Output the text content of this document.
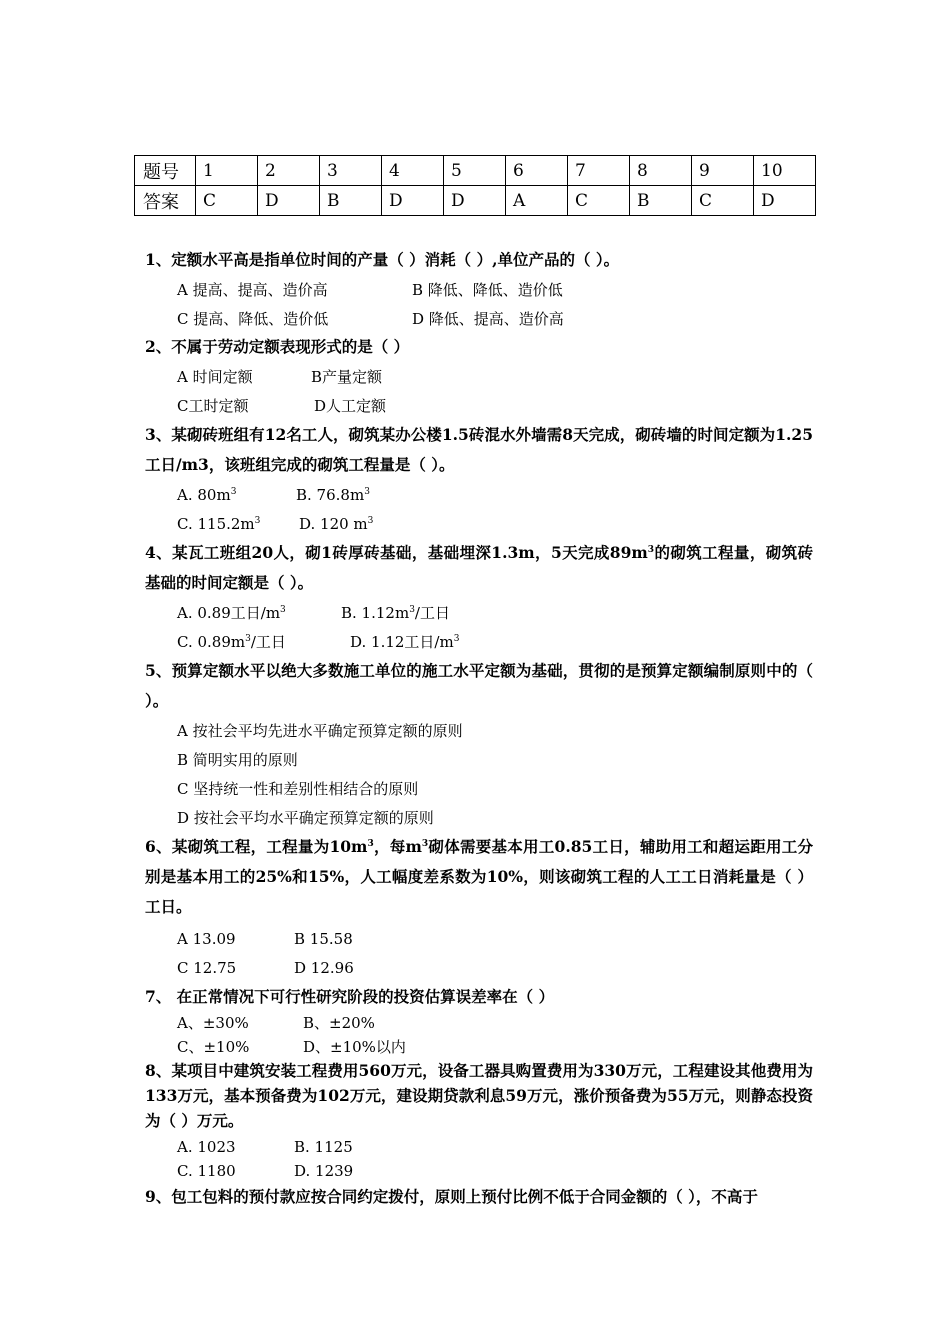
题号	1	2	3	4	5	6	7	8	9	10
答案	C	D	B	D	D	A	C	B	C	D
1、定额水平高是指单位时间的产量（ ）消耗（ ）,单位产品的（ ）。
A 提高、提高、造价高	B 降低、降低、造价低
C 提高、降低、造价低	D 降低、提高、造价高
2、不属于劳动定额表现形式的是（ ）
A 时间定额	B产量定额
C工时定额	D人工定额
3、某砌砖班组有12名工人，砌筑某办公楼1.5砖混水外墙需8天完成，砌砖墙的时间定额为1.25工日/m3，该班组完成的砌筑工程量是（ ）。
A. $80m^3$	B. $76.8m^3$
C. $115.2m^3$	D. 120 $m^3$
4、某瓦工班组20人，砌1砖厚砖基础，基础埋深1.3m，5天完成$89m^3$的砌筑工程量，砌筑砖基础的时间定额是（ ）。
A. 0.89工日$/m^3$	B. $1.12m^3/$工日
C. $0.89m^3/$工日	D. 1.12工日$/m^3$
5、预算定额水平以绝大多数施工单位的施工水平定额为基础，贯彻的是预算定额编制原则中的（ ）。
A 按社会平均先进水平确定预算定额的原则
B 简明实用的原则
C 坚持统一性和差别性相结合的原则
D 按社会平均水平确定预算定额的原则
6、某砌筑工程，工程量为$10m^3$，每$m^3$砌体需要基本用工0.85工日，辅助用工和超运距用工分别是基本用工的25%和15%，人工幅度差系数为10%，则该砌筑工程的人工工日消耗量是（ ）工日。
A 13.09	B 15.58
C 12.75	D 12.96
7、 在正常情况下可行性研究阶段的投资估算误差率在（ ）
A、±30%	B、±20%
C、±10%	D、±10%以内
8、某项目中建筑安装工程费用560万元，设备工器具购置费用为330万元，工程建设其他费用为133万元，基本预备费为102万元，建设期贷款利息59万元，涨价预备费为55万元，则静态投资为（ ）万元。
A. 1023	B. 1125
C. 1180	D. 1239
9、包工包料的预付款应按合同约定拨付，原则上预付比例不低于合同金额的（ ），不高于
